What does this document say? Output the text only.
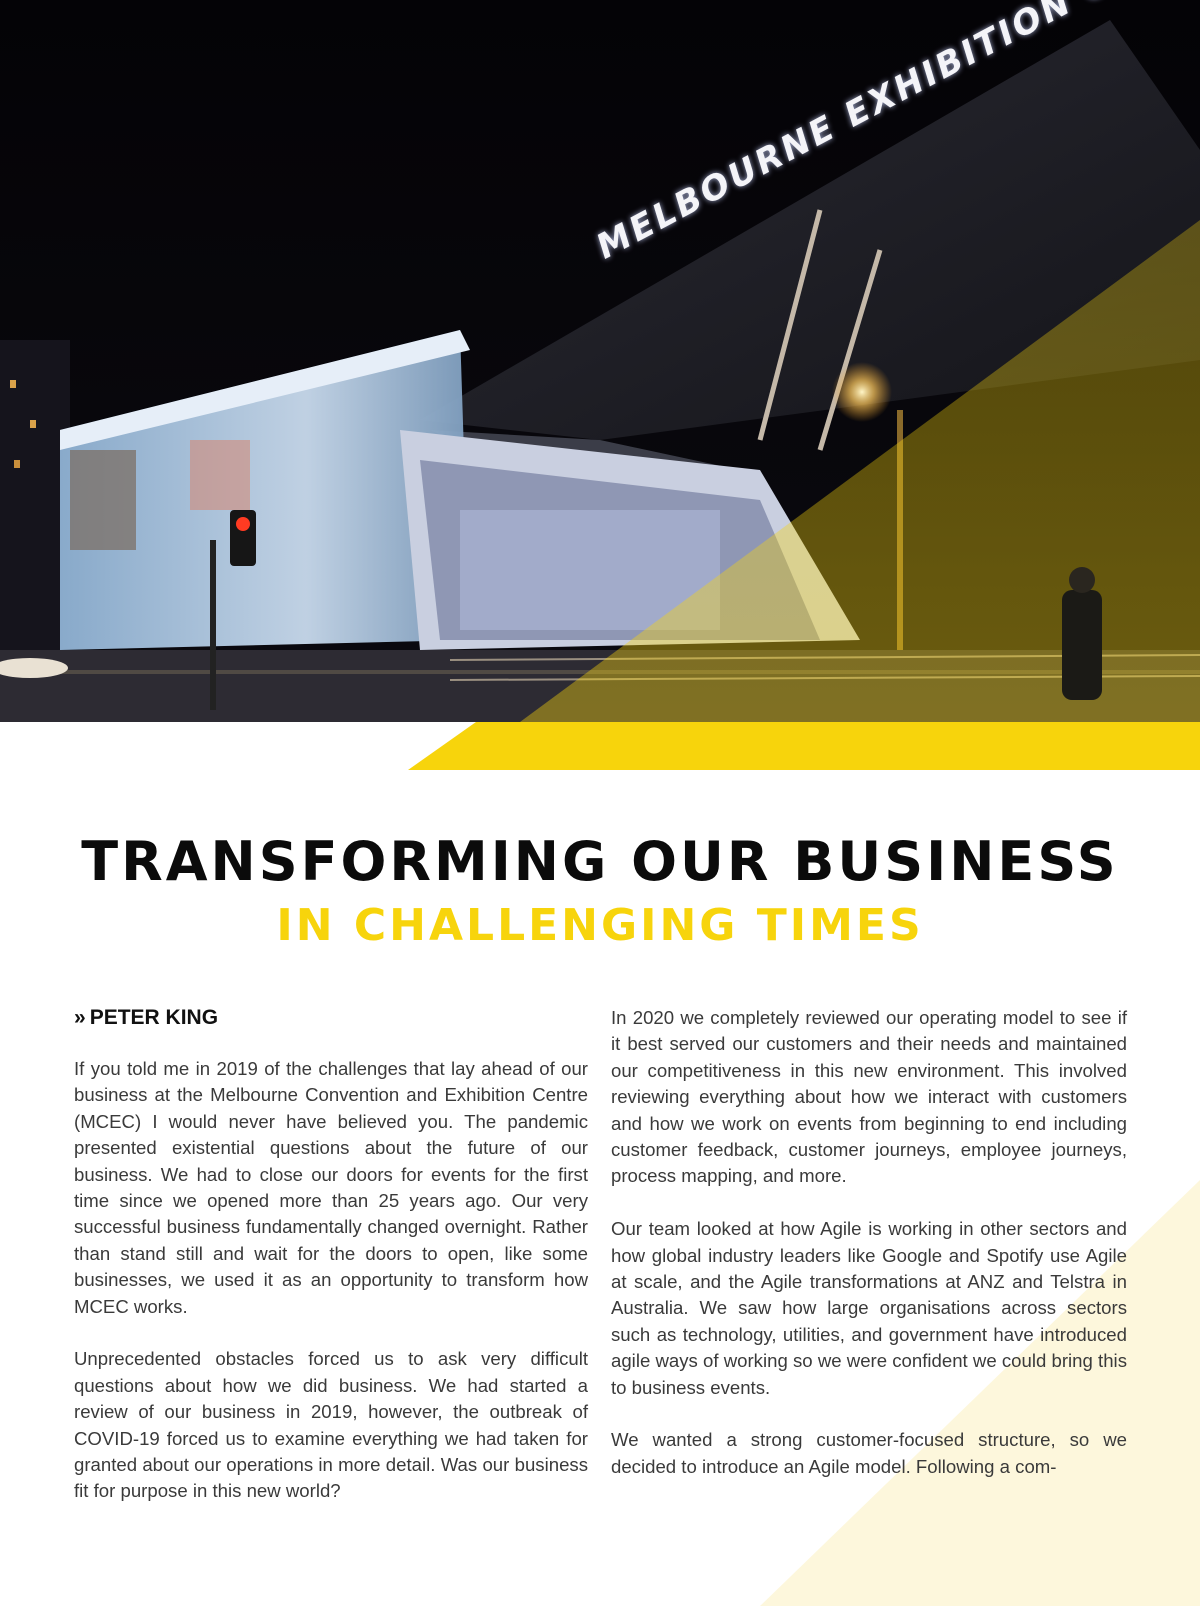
TRANSFORMING OUR BUSINESS
IN CHALLENGING TIMES
» PETER KING

If you told me in 2019 of the challenges that lay ahead of our business at the Melbourne Convention and Exhibition Centre (MCEC) I would never have believed you. The pandemic presented existential questions about the future of our business. We had to close our doors for events for the first time since we opened more than 25 years ago. Our very successful business fundamentally changed overnight. Rather than stand still and wait for the doors to open, like some businesses, we used it as an opportunity to transform how MCEC works.

Unprecedented obstacles forced us to ask very difficult questions about how we did business. We had started a review of our business in 2019, however, the outbreak of COVID-19 forced us to examine everything we had taken for granted about our operations in more detail. Was our business fit for purpose in this new world?

In 2020 we completely reviewed our operating model to see if it best served our customers and their needs and maintained our competitiveness in this new environment. This involved reviewing everything about how we interact with customers and how we work on events from beginning to end including customer feedback, customer journeys, employee journeys, process mapping, and more.

Our team looked at how Agile is working in other sectors and how global industry leaders like Google and Spotify use Agile at scale, and the Agile transformations at ANZ and Telstra in Australia. We saw how large organisations across sectors such as technology, utilities, and government have introduced agile ways of working so we were confident we could bring this to business events.

We wanted a strong customer-focused structure, so we decided to introduce an Agile model. Following a com-
